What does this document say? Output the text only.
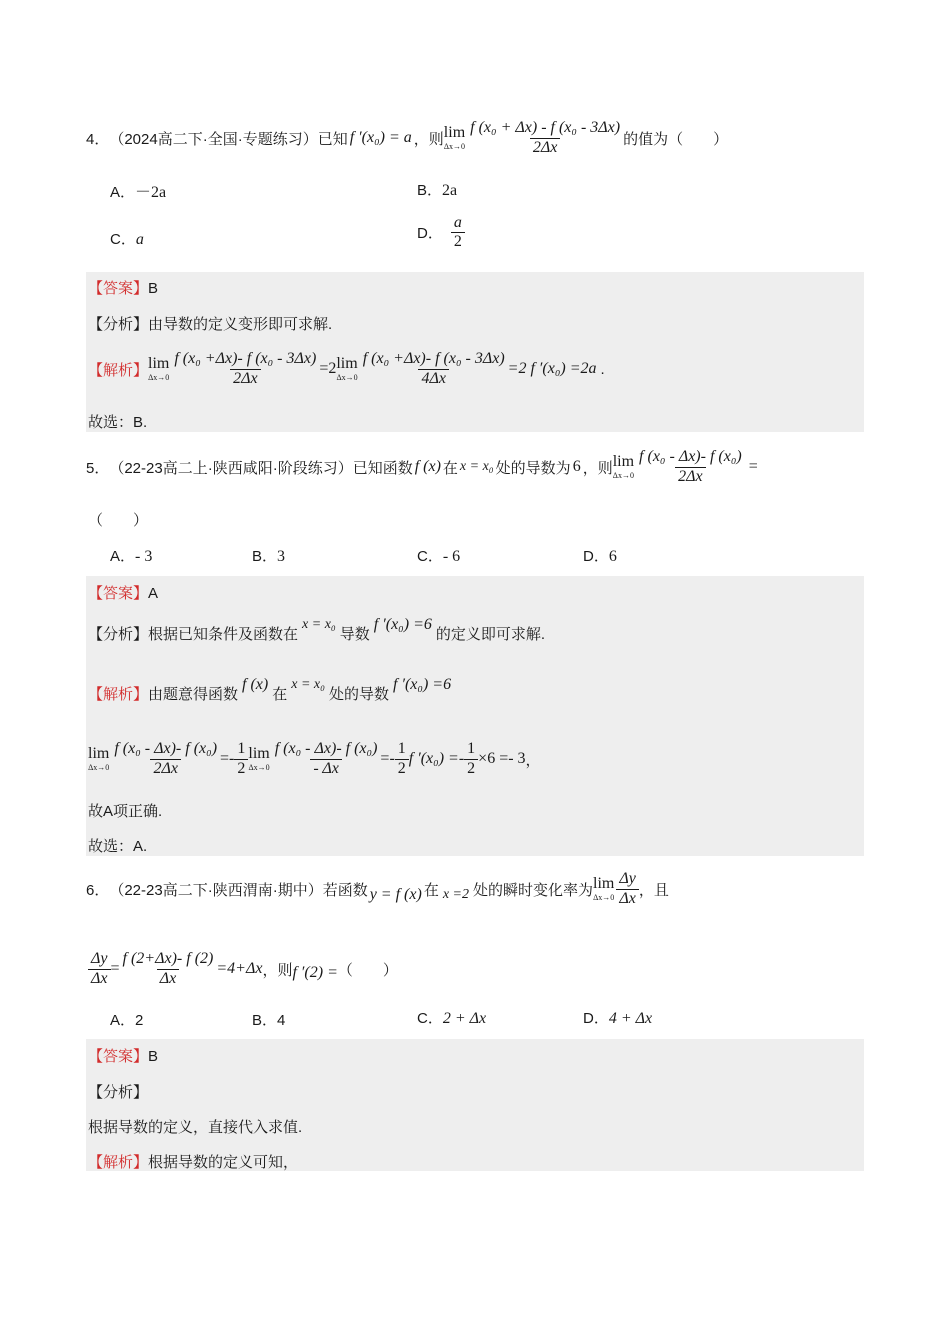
4． （2024高二下·全国·专题练习）已知 f ′(x₀) = a ，则 lim
$\Delta x\to 0 \frac{\text{f (x₀ + Δx) - f (x₀ - 3Δx)}}{2\Delta x}$ 的值为（　　）
A．－2a	B．2a
C．a	D． $\frac{a}{2}$
【答案】B
【分析】由导数的定义变形即可求解.
【解析】 lim
$\Delta x\to 0 \frac{\text{f (x₀ +Δx)- f (x₀ - 3Δx)}}{2\Delta x} =2$ lim
$\Delta x\to 0 \frac{\text{f (x₀ +Δx)- f (x₀ - 3Δx)}}{4\Delta x} =2$ f ′(x₀) =2a .
故选：B.
5． （22-23高二上·陕西咸阳·阶段练习）已知函数 f (x) 在 x = x₀ 处的导数为 6 ，则 lim
$\Delta x\to 0 \frac{\text{f (x₀ - Δx)- f (x₀)}}{2\Delta x}$ =
（　　）
A．- 3	B．3	C．- 6	D．6
【答案】A
【分析】 根据已知条件及函数在
x = x₀
导数
f ′(x₀) =6
的定义即可求解.
【解析】 由题意得函数
f (x)
在
x = x₀
处的导数
f ′(x₀) =6
lim
$\Delta x\to 0 \frac{\text{f (x₀ - Δx)- f (x₀)}}{2\Delta x} =- \frac{1}{2}$ lim
$\Delta x\to 0 \frac{\text{f (x₀ - Δx)- f (x₀)}}{- \Delta x} =- \frac{1}{2}$ f $'(x_0) =- \frac{1}{2} \times 6 =- 3$ ，
故A项正确.
故选：A.
6． （22-23高二下·陕西渭南·期中）若函数 y = f (x) 在 x =2 处的瞬时变化率为 lim
$\Delta x\to 0 \frac{\Delta y}{\Delta x}$ ，且
$\frac{\Delta y}{\Delta x} = \frac{f (2+\Delta x)- f (2)}{\Delta x} =4+\Delta x$ ，则 f ′(2) = （　　）
A．2	B．4	C．2 + Δx	D．4 + Δx
【答案】B
【分析】
根据导数的定义，直接代入求值.
【解析】根据导数的定义可知，
